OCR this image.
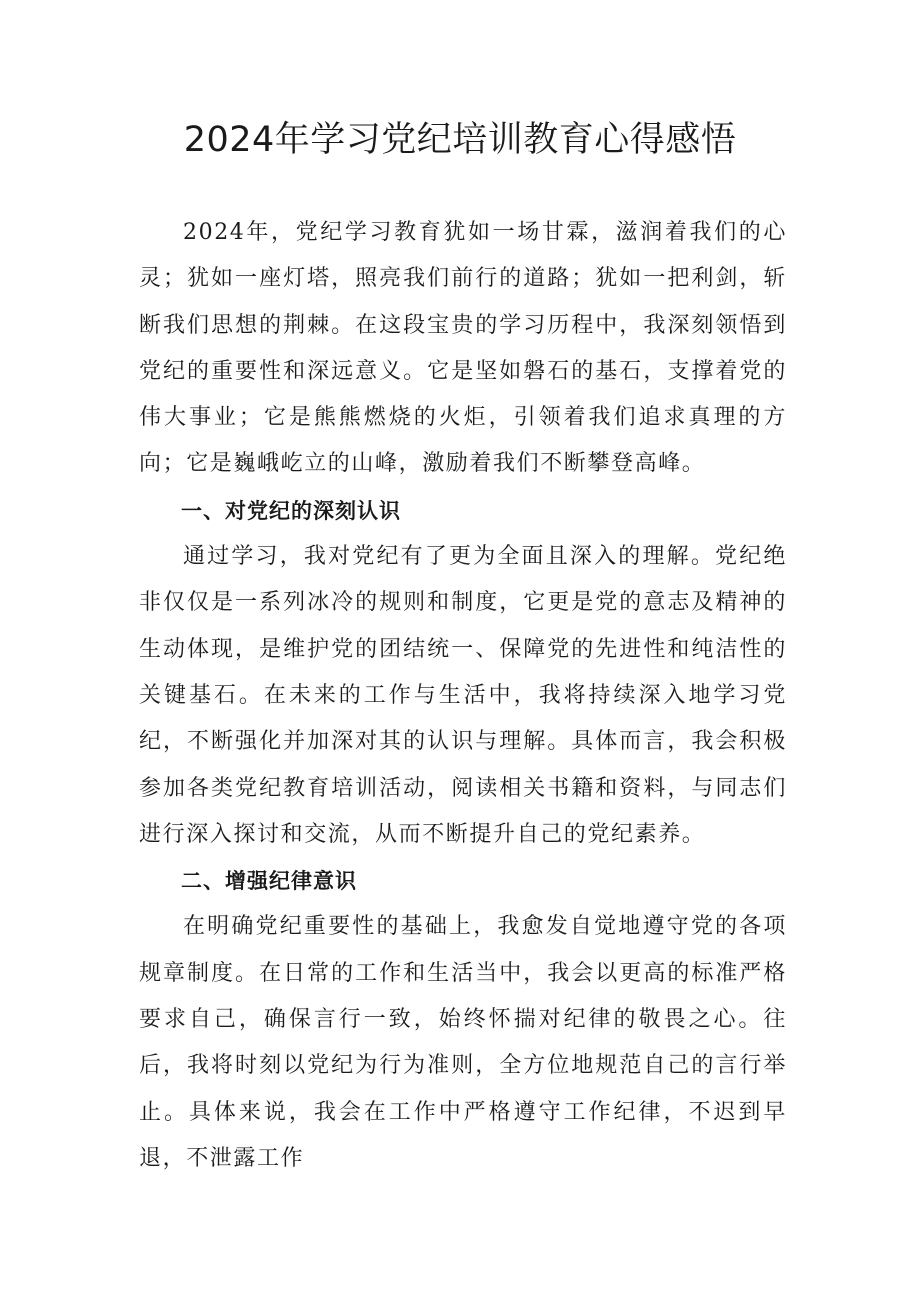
2024年学习党纪培训教育心得感悟

2024年，党纪学习教育犹如一场甘霖，滋润着我们的心灵；犹如一座灯塔，照亮我们前行的道路；犹如一把利剑，斩断我们思想的荆棘。在这段宝贵的学习历程中，我深刻领悟到党纪的重要性和深远意义。它是坚如磐石的基石，支撑着党的伟大事业；它是熊熊燃烧的火炬，引领着我们追求真理的方向；它是巍峨屹立的山峰，激励着我们不断攀登高峰。

一、对党纪的深刻认识

通过学习，我对党纪有了更为全面且深入的理解。党纪绝非仅仅是一系列冰冷的规则和制度，它更是党的意志及精神的生动体现，是维护党的团结统一、保障党的先进性和纯洁性的关键基石。在未来的工作与生活中，我将持续深入地学习党纪，不断强化并加深对其的认识与理解。具体而言，我会积极参加各类党纪教育培训活动，阅读相关书籍和资料，与同志们进行深入探讨和交流，从而不断提升自己的党纪素养。

二、增强纪律意识

在明确党纪重要性的基础上，我愈发自觉地遵守党的各项规章制度。在日常的工作和生活当中，我会以更高的标准严格要求自己，确保言行一致，始终怀揣对纪律的敬畏之心。往后，我将时刻以党纪为行为准则，全方位地规范自己的言行举止。具体来说，我会在工作中严格遵守工作纪律，不迟到早退，不泄露工作
